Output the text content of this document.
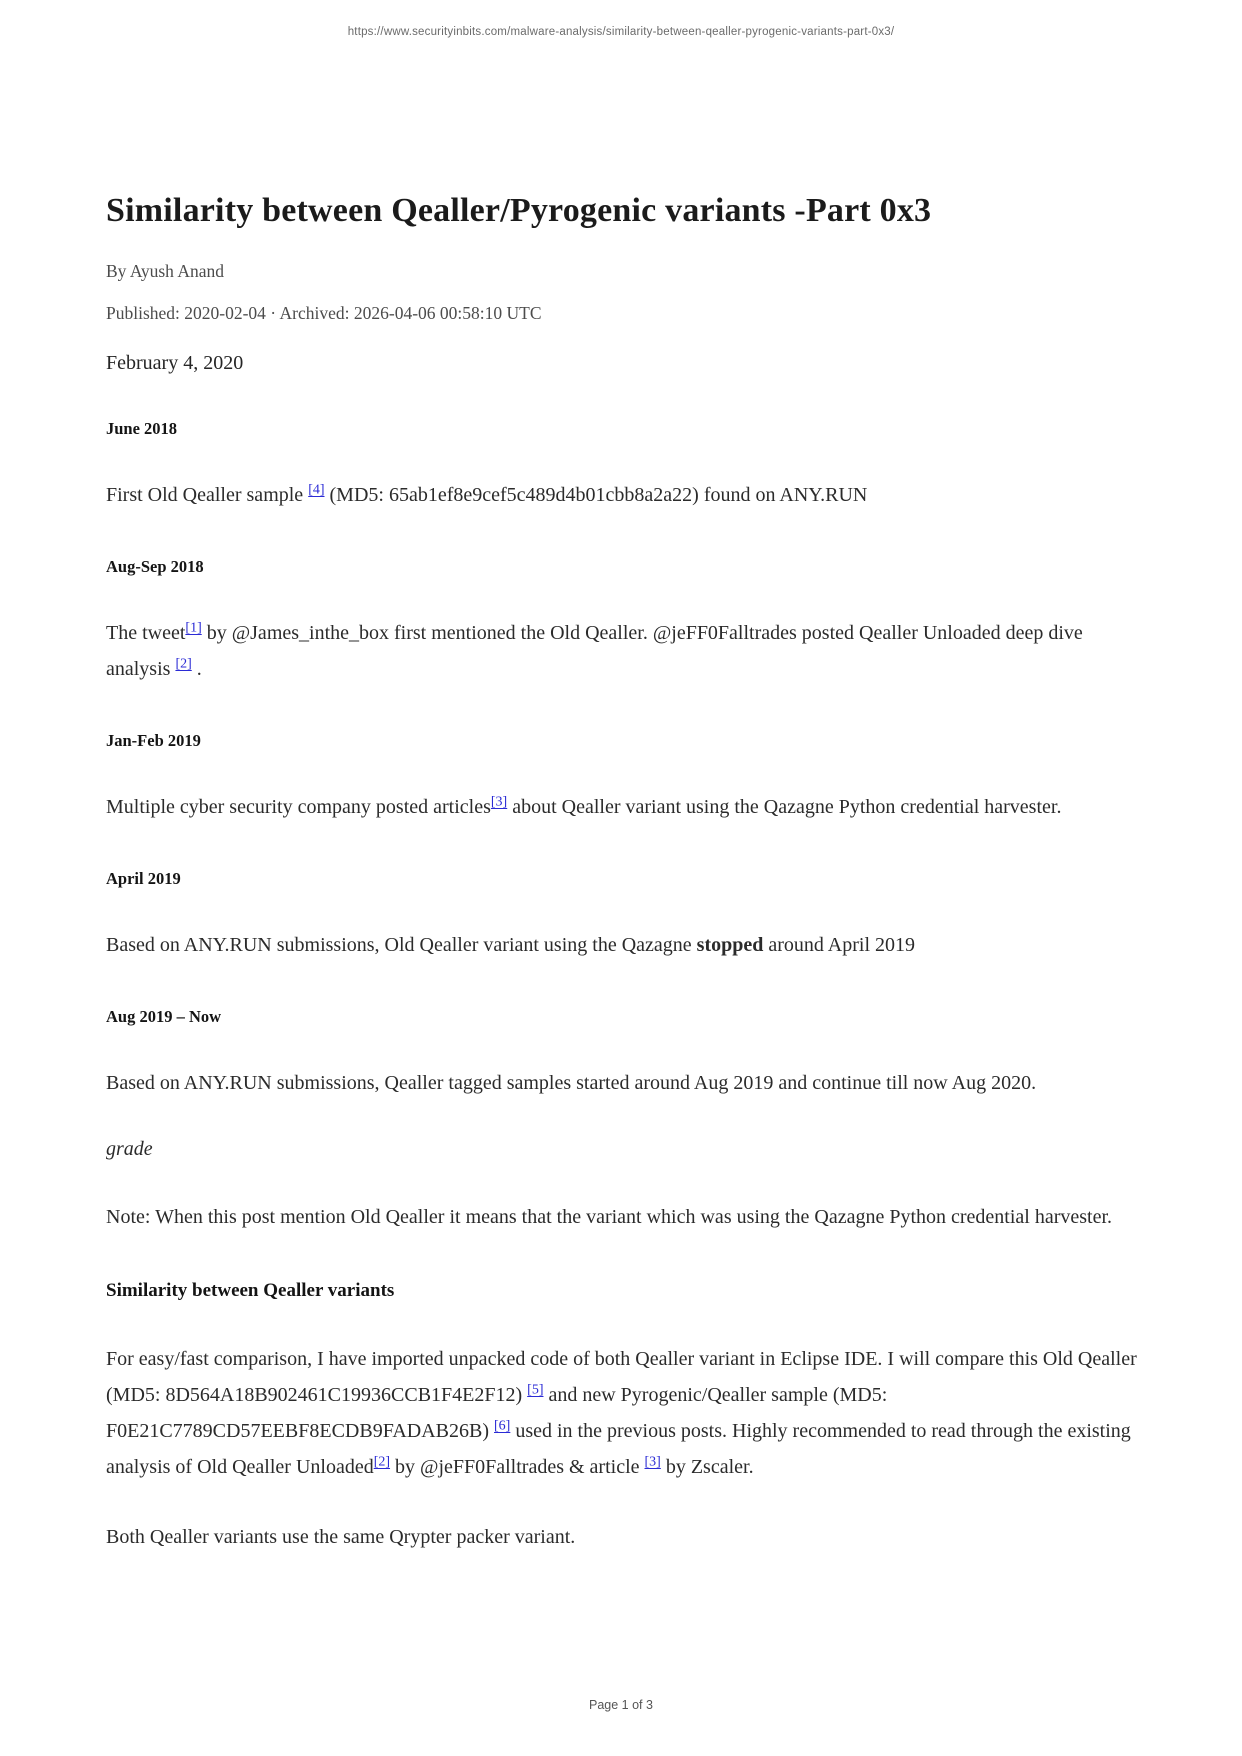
https://www.securityinbits.com/malware-analysis/similarity-between-qealler-pyrogenic-variants-part-0x3/
Similarity between Qealler/Pyrogenic variants -Part 0x3

By Ayush Anand

Published: 2020-02-04 · Archived: 2026-04-06 00:58:10 UTC

February 4, 2020

June 2018

First Old Qealler sample [4] (MD5: 65ab1ef8e9cef5c489d4b01cbb8a2a22) found on ANY.RUN

Aug-Sep 2018

The tweet[1] by @James_inthe_box first mentioned the Old Qealler. @jeFF0Falltrades posted Qealler Unloaded deep dive analysis [2] .

Jan-Feb 2019

Multiple cyber security company posted articles[3] about Qealler variant using the Qazagne Python credential harvester.

April 2019

Based on ANY.RUN submissions, Old Qealler variant using the Qazagne stopped around April 2019

Aug 2019 – Now

Based on ANY.RUN submissions, Qealler tagged samples started around Aug 2019 and continue till now Aug 2020.

grade

Note: When this post mention Old Qealler it means that the variant which was using the Qazagne Python credential harvester.

Similarity between Qealler variants

For easy/fast comparison, I have imported unpacked code of both Qealler variant in Eclipse IDE. I will compare this Old Qealler (MD5: 8D564A18B902461C19936CCB1F4E2F12) [5] and new Pyrogenic/Qealler sample (MD5: F0E21C7789CD57EEBF8ECDB9FADAB26B) [6] used in the previous posts. Highly recommended to read through the existing analysis of Old Qealler Unloaded[2] by @jeFF0Falltrades & article [3] by Zscaler.

Both Qealler variants use the same Qrypter packer variant.

Page 1 of 3
